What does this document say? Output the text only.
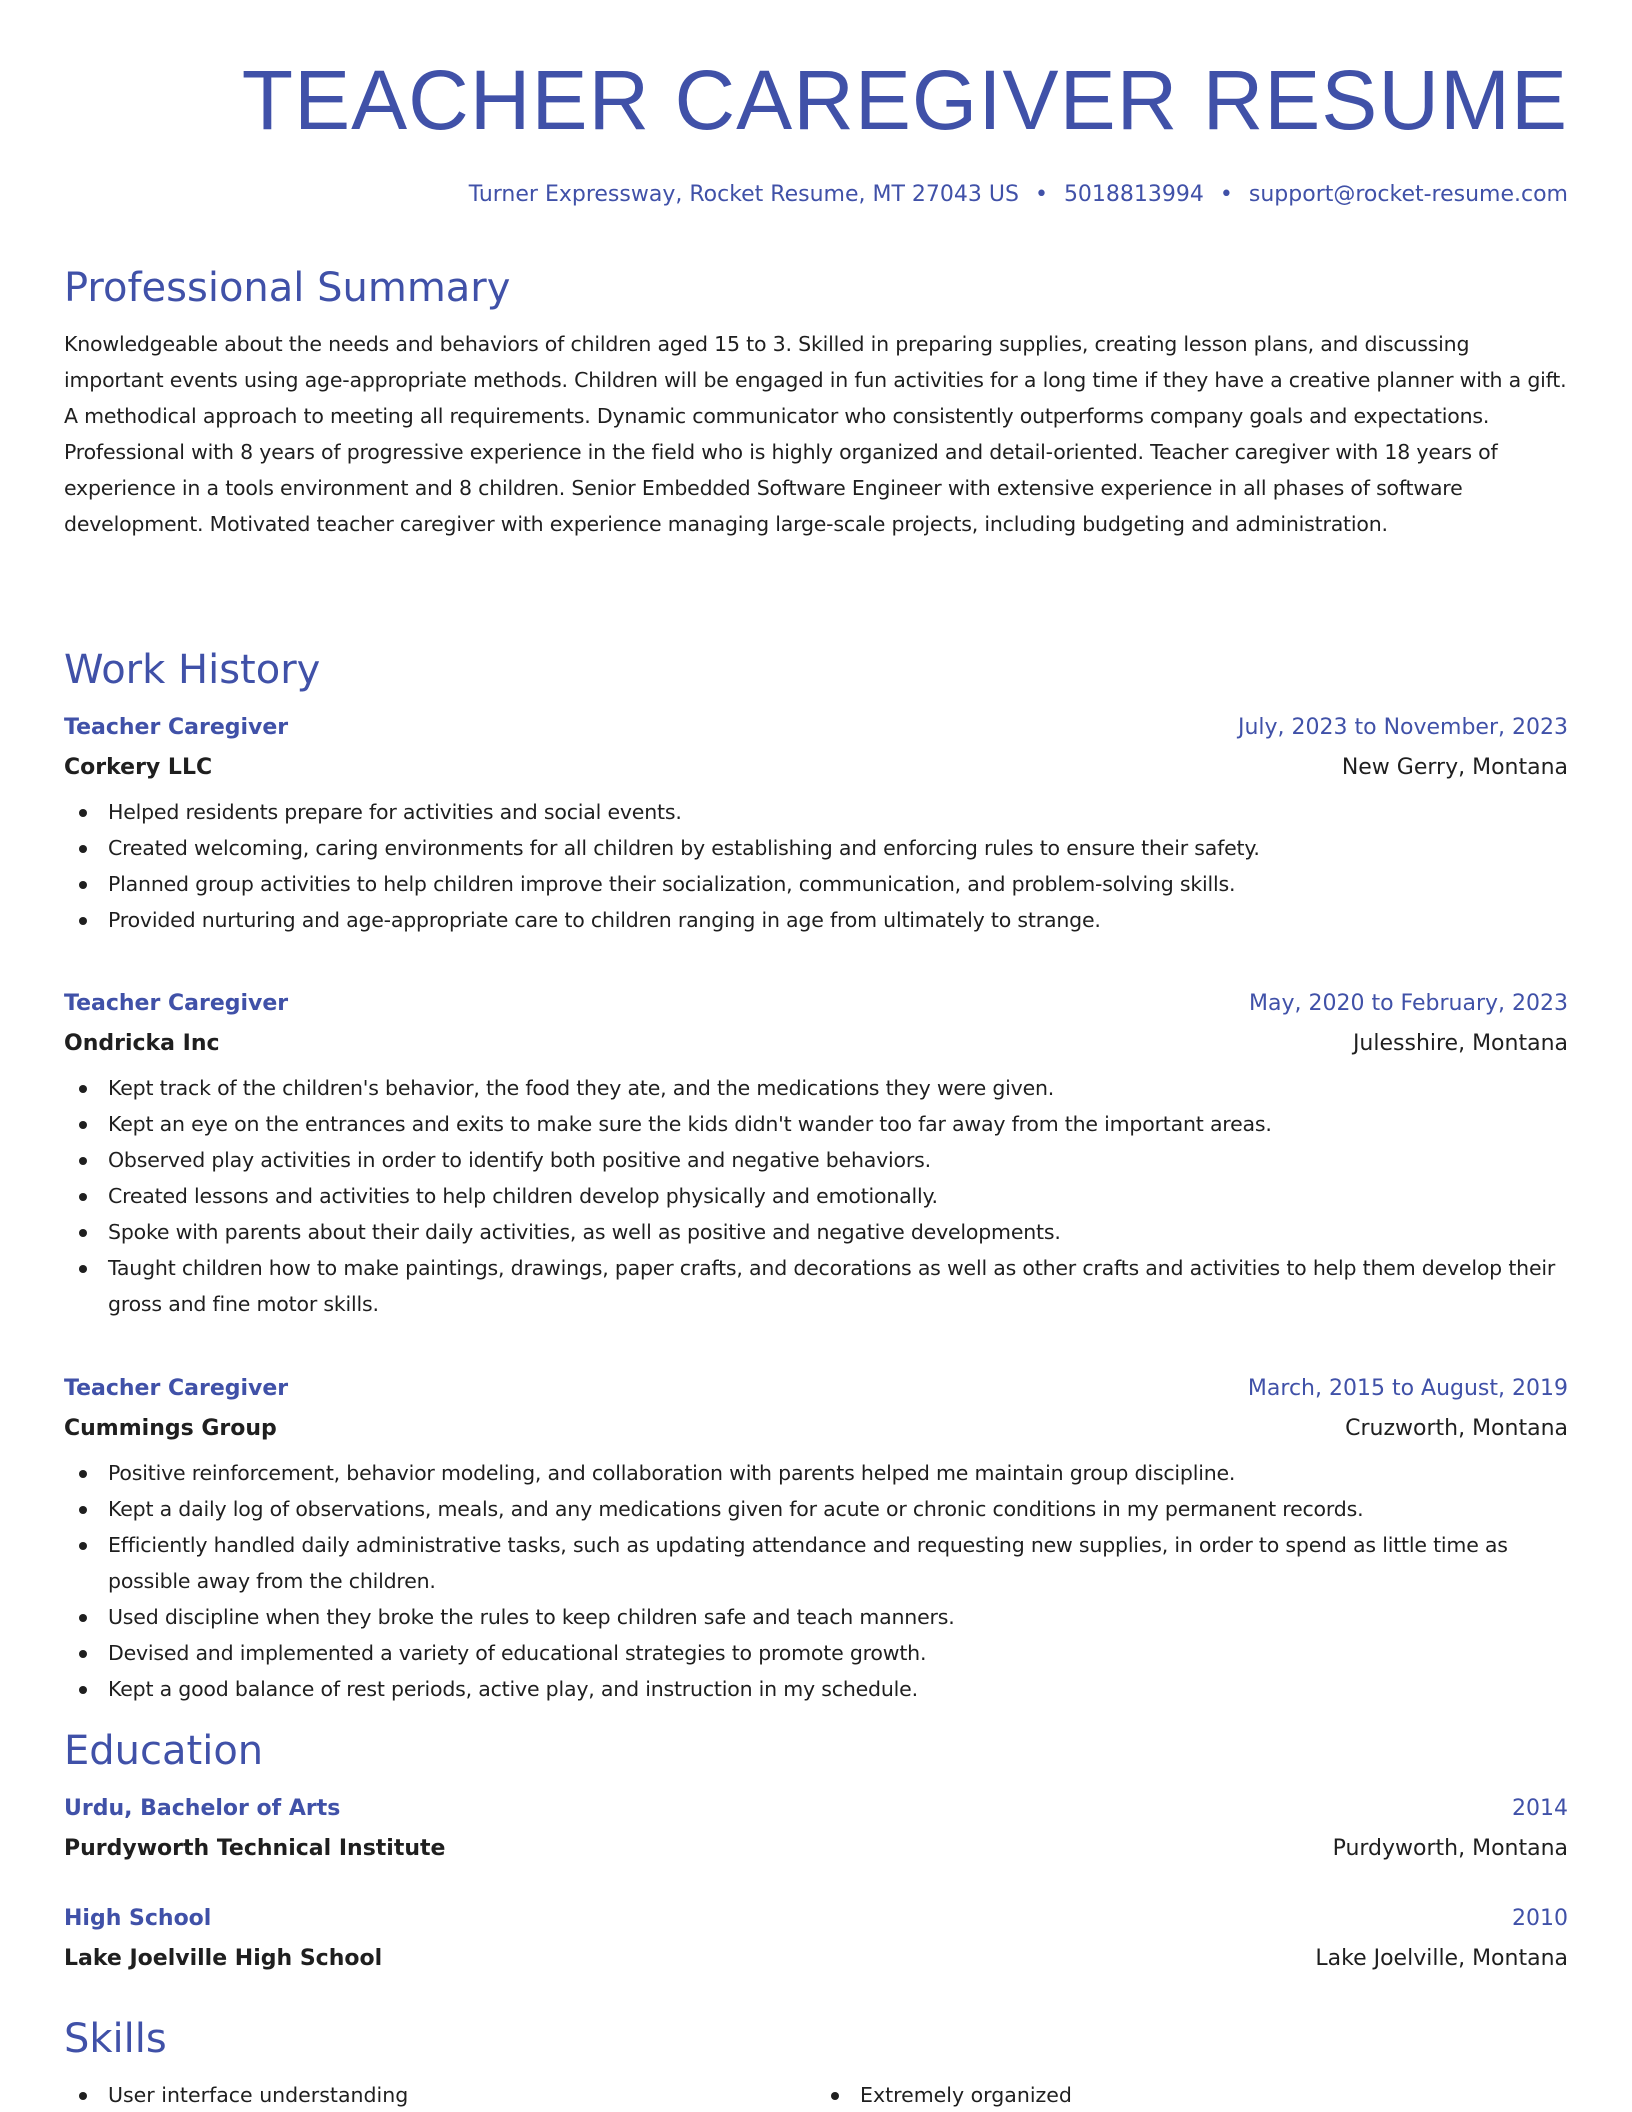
TEACHER CAREGIVER RESUME
Turner Expressway, Rocket Resume, MT 27043 US • 5018813994 • support@rocket-resume.com
Professional Summary

Knowledgeable about the needs and behaviors of children aged 15 to 3. Skilled in preparing supplies, creating lesson plans, and discussing important events using age-appropriate methods. Children will be engaged in fun activities for a long time if they have a creative planner with a gift. A methodical approach to meeting all requirements. Dynamic communicator who consistently outperforms company goals and expectations. Professional with 8 years of progressive experience in the field who is highly organized and detail-oriented. Teacher caregiver with 18 years of experience in a tools environment and 8 children. Senior Embedded Software Engineer with extensive experience in all phases of software development. Motivated teacher caregiver with experience managing large-scale projects, including budgeting and administration.

Work History
Teacher Caregiver	July, 2023 to November, 2023
Corkery LLC	New Gerry, Montana
Helped residents prepare for activities and social events.
Created welcoming, caring environments for all children by establishing and enforcing rules to ensure their safety.
Planned group activities to help children improve their socialization, communication, and problem-solving skills.
Provided nurturing and age-appropriate care to children ranging in age from ultimately to strange.
Teacher Caregiver	May, 2020 to February, 2023
Ondricka Inc	Julesshire, Montana
Kept track of the children's behavior, the food they ate, and the medications they were given.
Kept an eye on the entrances and exits to make sure the kids didn't wander too far away from the important areas.
Observed play activities in order to identify both positive and negative behaviors.
Created lessons and activities to help children develop physically and emotionally.
Spoke with parents about their daily activities, as well as positive and negative developments.
Taught children how to make paintings, drawings, paper crafts, and decorations as well as other crafts and activities to help them develop their gross and fine motor skills.
Teacher Caregiver	March, 2015 to August, 2019
Cummings Group	Cruzworth, Montana
Positive reinforcement, behavior modeling, and collaboration with parents helped me maintain group discipline.
Kept a daily log of observations, meals, and any medications given for acute or chronic conditions in my permanent records.
Efficiently handled daily administrative tasks, such as updating attendance and requesting new supplies, in order to spend as little time as possible away from the children.
Used discipline when they broke the rules to keep children safe and teach manners.
Devised and implemented a variety of educational strategies to promote growth.
Kept a good balance of rest periods, active play, and instruction in my schedule.
Education
Urdu, Bachelor of Arts	2014
Purdyworth Technical Institute	Purdyworth, Montana
High School	2010
Lake Joelville High School	Lake Joelville, Montana
Skills
User interface understanding	Extremely organized
